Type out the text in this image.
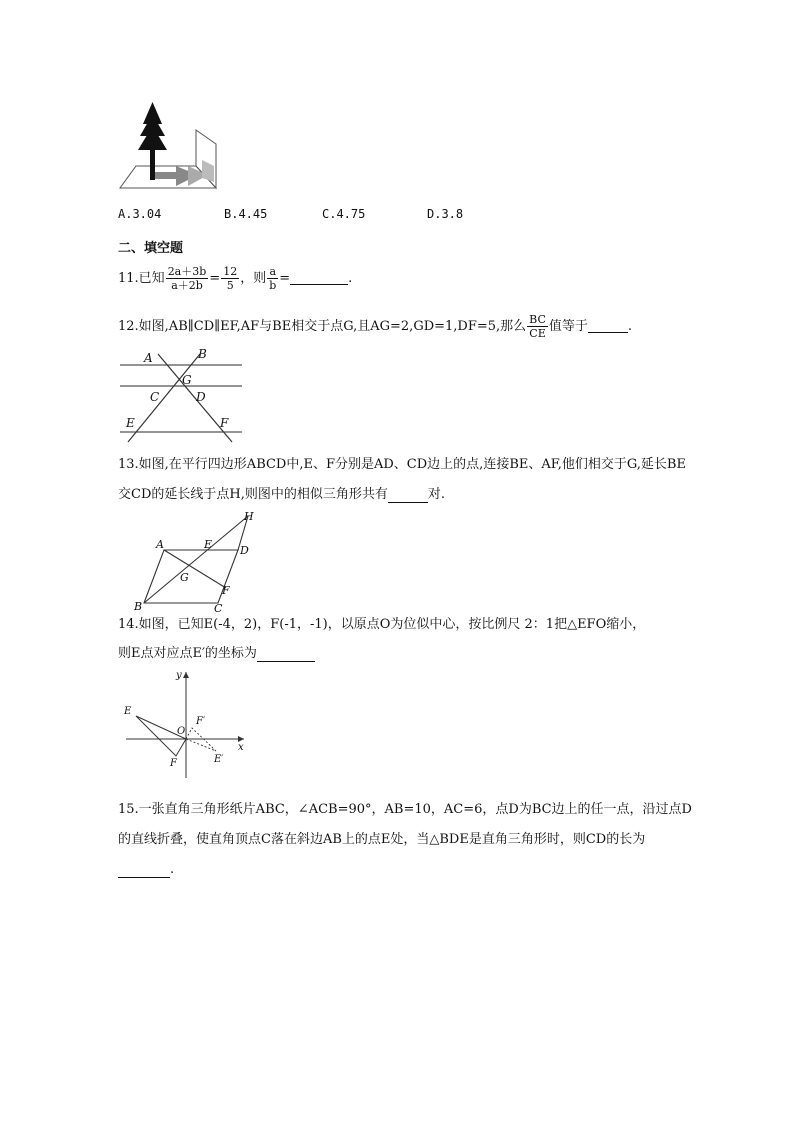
A.3.04	B.4.45	C.4.75	D.3.8
二、填空题
11.已知 $\frac{2a+3b}{a+2b} = \frac{12}{5}$ ，则 $\frac{a}{b}$ =	.
12.如图,AB∥CD∥EF,AF与BE相交于点G,且AG=2,GD=1,DF=5,那么 $\frac{BC}{CE}$ 值等于	.
A	B
G
C	D
E	F
13.如图,在平行四边形ABCD中,E、F分别是AD、CD边上的点,连接BE、AF,他们相交于G,延长BE
交CD的延长线于点H,则图中的相似三角形共有	对.
H
A	E	D
G
F
B	C
14.如图，已知E(-4，2)，F(-1，-1)，以原点O为位似中心，按比例尺 2：1把△EFO缩小，
则E点对应点E′的坐标为
y
x
E
O
F′
F	E′
15.一张直角三角形纸片ABC，∠ACB=90°，AB=10，AC=6，点D为BC边上的任一点，沿过点D
的直线折叠，使直角顶点C落在斜边AB上的点E处，当△BDE是直角三角形时，则CD的长为
.
